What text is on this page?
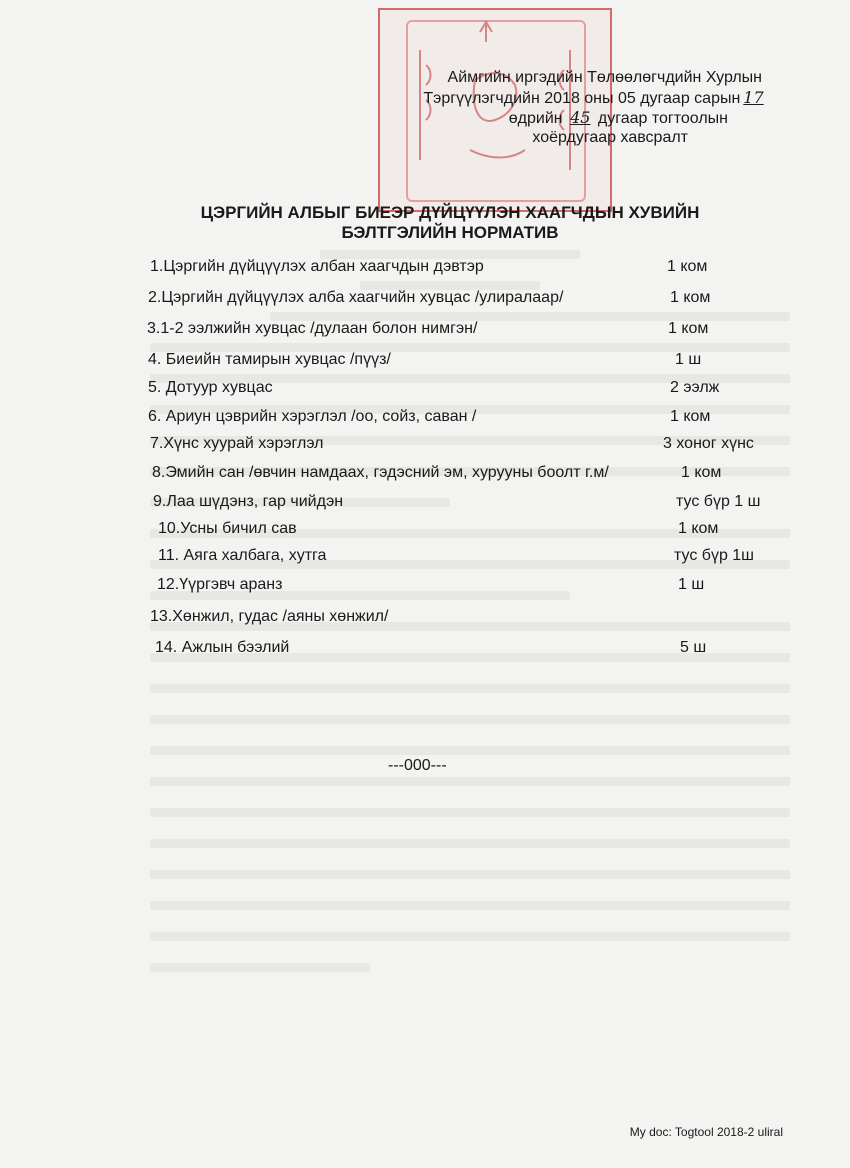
Аймгийн иргэдийн Төлөөлөгчдийн Хурлын
Тэргүүлэгчдийн 2018 оны 05 дугаар сарын 17
өдрийн 45 дугаар тогтоолын
хоёрдугаар хавсралт
ЦЭРГИЙН АЛБЫГ БИЕЭР ДҮЙЦҮҮЛЭН ХААГЧДЫН ХУВИЙН
БЭЛТГЭЛИЙН НОРМАТИВ
1.Цэргийн дүйцүүлэх албан хаагчдын дэвтэр	1 ком
2.Цэргийн дүйцүүлэх алба хаагчийн хувцас /улиралаар/	1 ком
3.1-2 ээлжийн хувцас /дулаан болон нимгэн/	1 ком
4. Биеийн тамирын хувцас /пүүз/	1 ш
5. Дотуур хувцас	2 ээлж
6. Ариун цэврийн хэрэглэл /оо, сойз, саван /	1 ком
7.Хүнс хуурай хэрэглэл	3 хоног хүнс
8.Эмийн сан /өвчин намдаах, гэдэсний эм, хурууны боолт г.м/	1 ком
9.Лаа шүдэнз, гар чийдэн	тус бүр 1 ш
10.Усны бичил сав	1 ком
11. Аяга халбага, хутга	тус бүр 1ш
12.Үүргэвч аранз	1 ш
13.Хөнжил, гудас /аяны хөнжил/
14. Ажлын бээлий	5 ш
---000---
My doc: Togtool 2018-2 uliral
